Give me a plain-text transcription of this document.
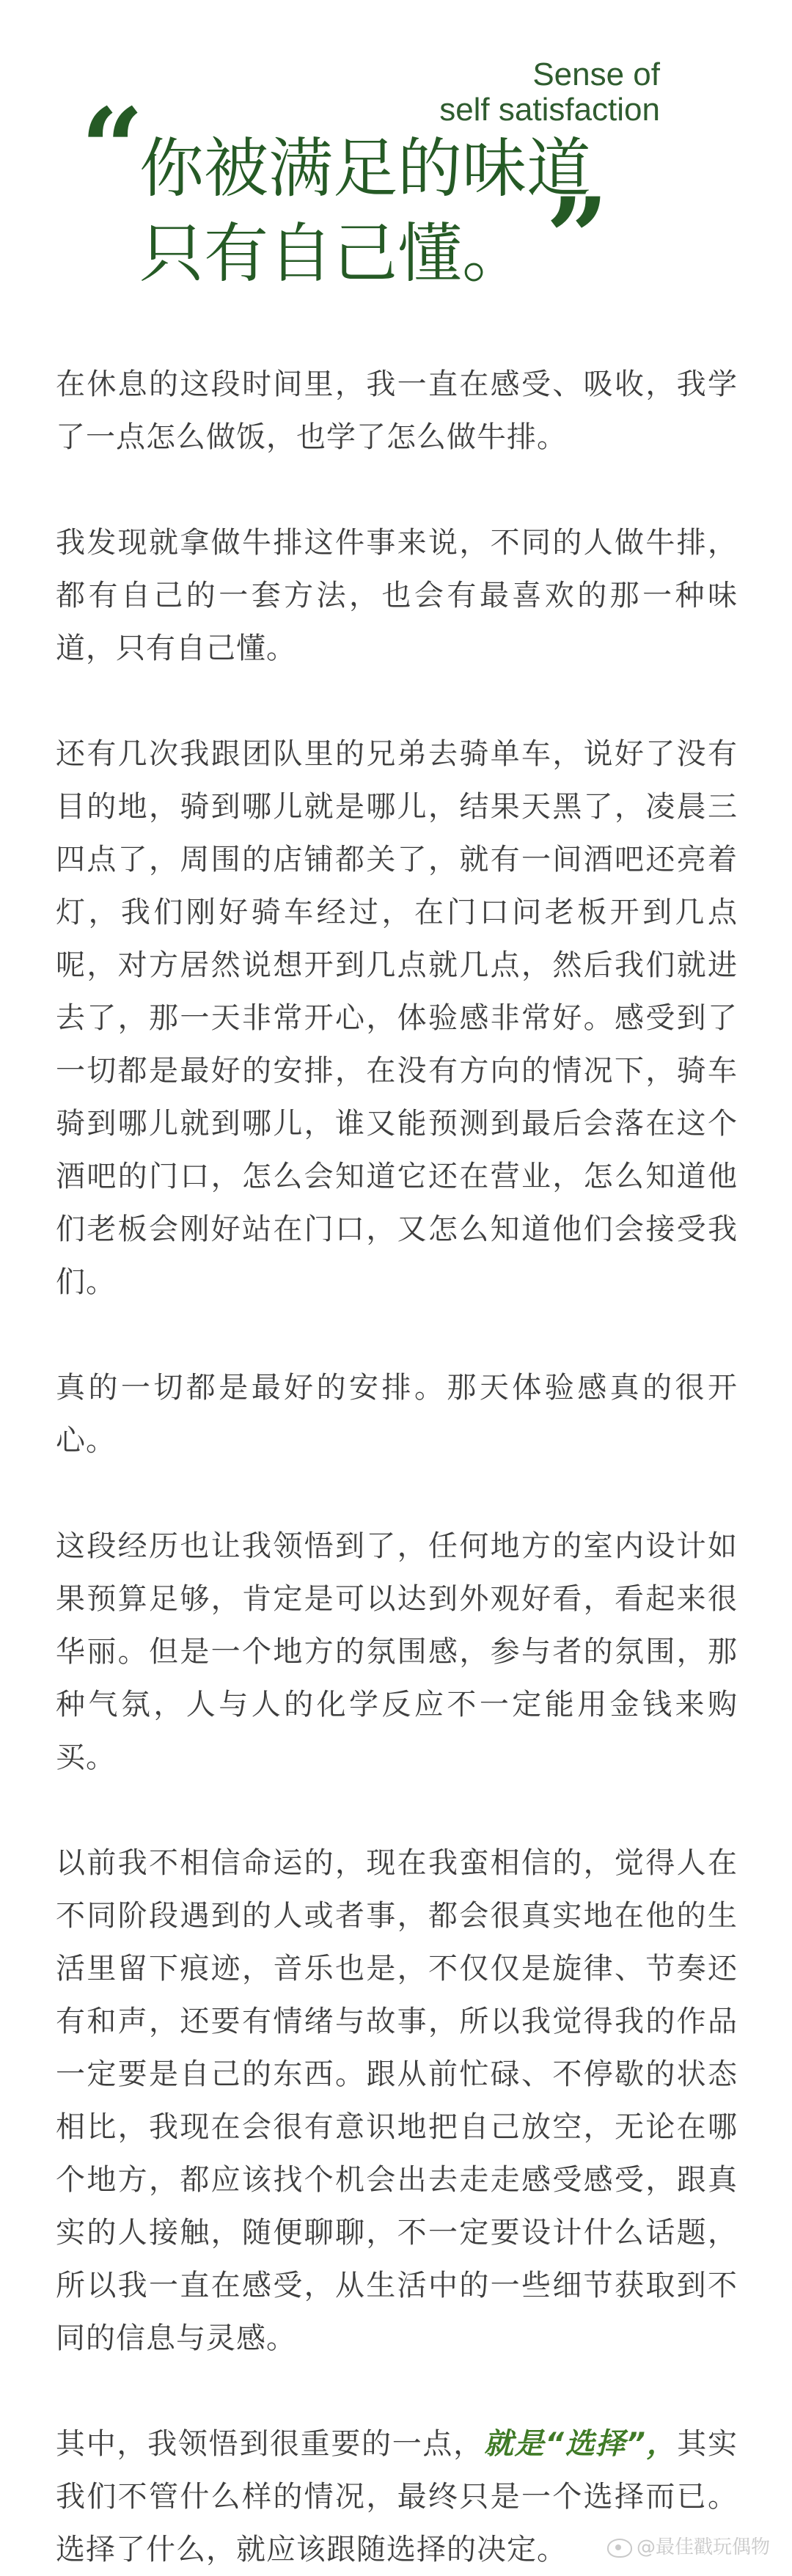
Sense of
self satisfaction
“
你被满足的味道
只有自己懂。 ”

在休息的这段时间里，我一直在感受、吸收，我学了一点怎么做饭，也学了怎么做牛排。

我发现就拿做牛排这件事来说，不同的人做牛排，都有自己的一套方法，也会有最喜欢的那一种味道，只有自己懂。

还有几次我跟团队里的兄弟去骑单车，说好了没有目的地，骑到哪儿就是哪儿，结果天黑了，凌晨三四点了，周围的店铺都关了，就有一间酒吧还亮着灯，我们刚好骑车经过，在门口问老板开到几点呢，对方居然说想开到几点就几点，然后我们就进去了，那一天非常开心，体验感非常好。感受到了一切都是最好的安排，在没有方向的情况下，骑车骑到哪儿就到哪儿，谁又能预测到最后会落在这个酒吧的门口，怎么会知道它还在营业，怎么知道他们老板会刚好站在门口，又怎么知道他们会接受我们。

真的一切都是最好的安排。那天体验感真的很开心。

这段经历也让我领悟到了，任何地方的室内设计如果预算足够，肯定是可以达到外观好看，看起来很华丽。但是一个地方的氛围感，参与者的氛围，那种气氛，人与人的化学反应不一定能用金钱来购买。

以前我不相信命运的，现在我蛮相信的，觉得人在不同阶段遇到的人或者事，都会很真实地在他的生活里留下痕迹，音乐也是，不仅仅是旋律、节奏还有和声，还要有情绪与故事，所以我觉得我的作品一定要是自己的东西。跟从前忙碌、不停歇的状态相比，我现在会很有意识地把自己放空，无论在哪个地方，都应该找个机会出去走走感受感受，跟真实的人接触，随便聊聊，不一定要设计什么话题，所以我一直在感受，从生活中的一些细节获取到不同的信息与灵感。

其中，我领悟到很重要的一点，就是“选择”，其实我们不管什么样的情况，最终只是一个选择而已。选择了什么，就应该跟随选择的决定。	@最佳戳玩偶物
